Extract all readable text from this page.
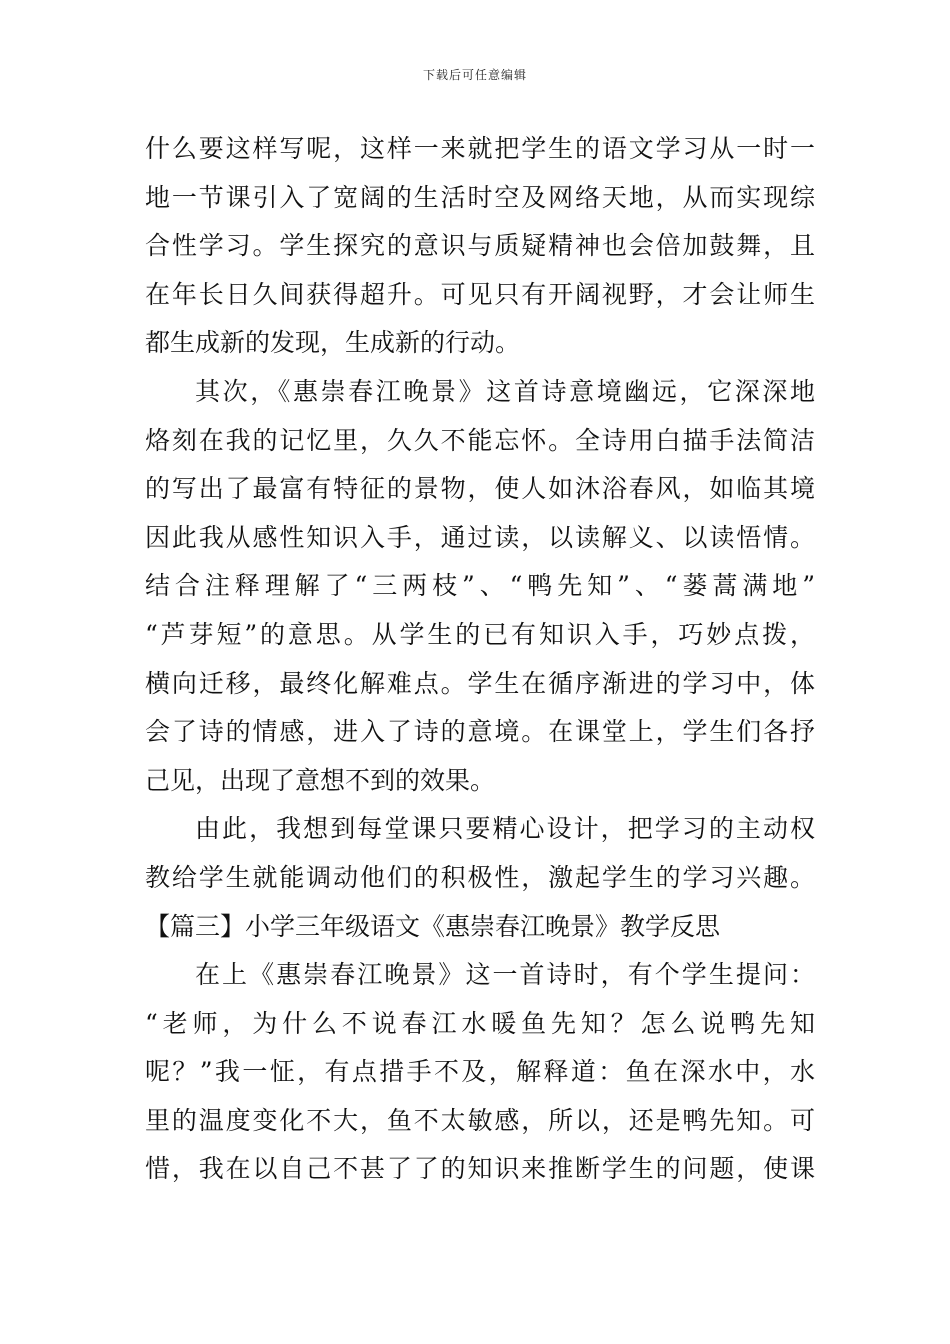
下载后可任意编辑
什么要这样写呢，这样一来就把学生的语文学习从一时一
地一节课引入了宽阔的生活时空及网络天地，从而实现综
合性学习。学生探究的意识与质疑精神也会倍加鼓舞，且
在年长日久间获得超升。可见只有开阔视野，才会让师生
都生成新的发现，生成新的行动。
其次，《惠崇春江晚景》这首诗意境幽远，它深深地
烙刻在我的记忆里，久久不能忘怀。全诗用白描手法简洁
的写出了最富有特征的景物，使人如沐浴春风，如临其境
因此我从感性知识入手，通过读，以读解义、以读悟情。
结合注释理解了“三两枝”、“鸭先知”、“蒌蒿满地”
“芦芽短”的意思。从学生的已有知识入手，巧妙点拨，
横向迁移，最终化解难点。学生在循序渐进的学习中，体
会了诗的情感，进入了诗的意境。在课堂上，学生们各抒
己见，出现了意想不到的效果。
由此，我想到每堂课只要精心设计，把学习的主动权
教给学生就能调动他们的积极性，激起学生的学习兴趣。
【篇三】小学三年级语文《惠崇春江晚景》教学反思
在上《惠崇春江晚景》这一首诗时，有个学生提问：
“老师，为什么不说春江水暖鱼先知？怎么说鸭先知
呢？”我一怔，有点措手不及，解释道：鱼在深水中，水
里的温度变化不大，鱼不太敏感，所以，还是鸭先知。可
惜，我在以自己不甚了了的知识来推断学生的问题，使课
